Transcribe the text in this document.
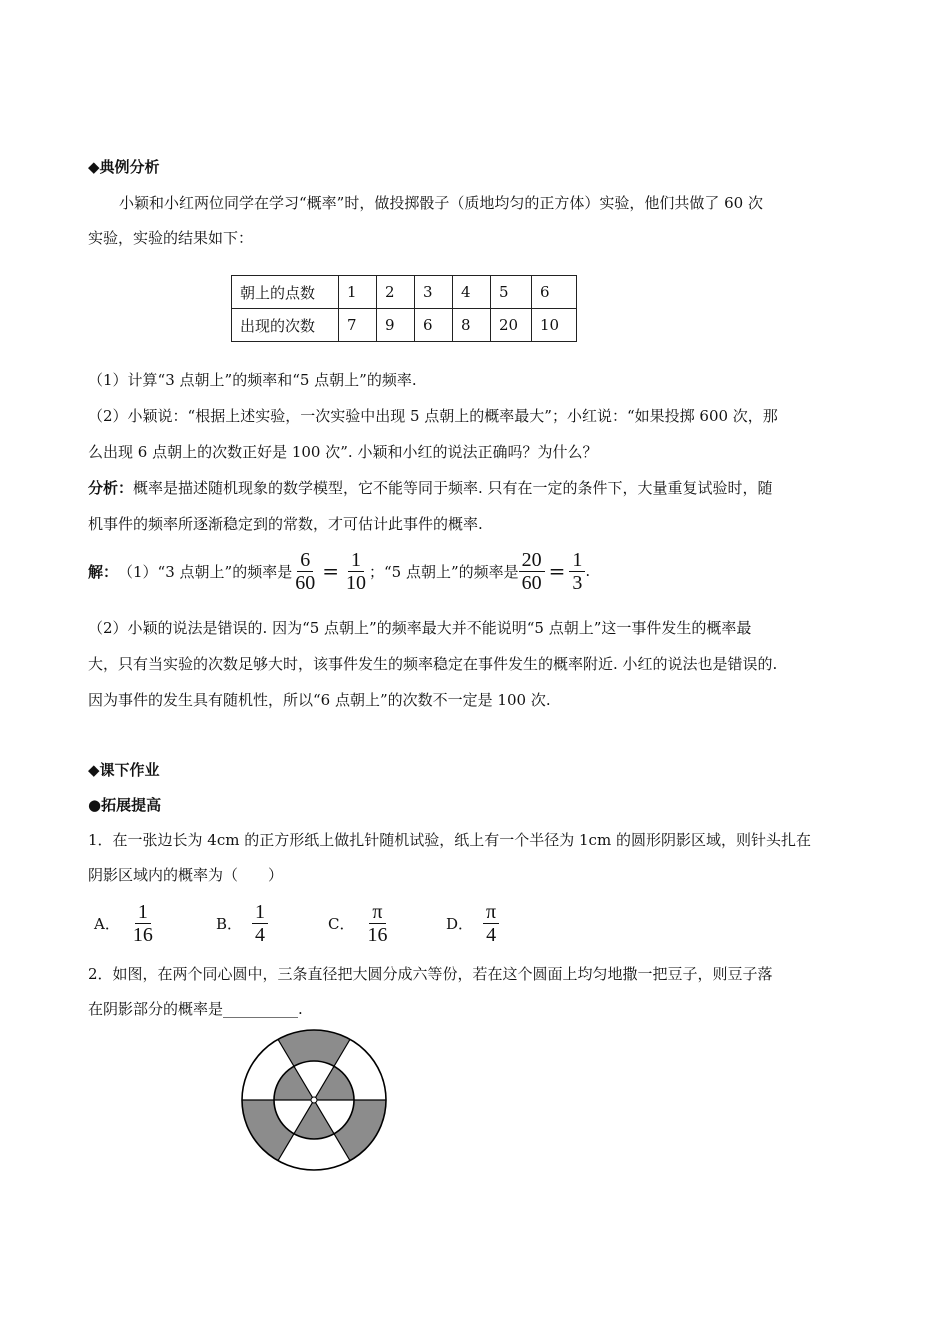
◆典例分析
小颖和小红两位同学在学习“概率”时，做投掷骰子（质地均匀的正方体）实验，他们共做了 60 次
实验，实验的结果如下：
朝上的点数	1	2	3	4	5	6
出现的次数	7	9	6	8	20	10
（1）计算“3 点朝上”的频率和“5 点朝上”的频率.
（2）小颖说：“根据上述实验，一次实验中出现 5 点朝上的概率最大”；小红说：“如果投掷 600 次，那
么出现 6 点朝上的次数正好是 100 次”. 小颖和小红的说法正确吗？为什么？
分析：概率是描述随机现象的数学模型，它不能等同于频率. 只有在一定的条件下，大量重复试验时，随
机事件的频率所逐渐稳定到的常数，才可估计此事件的概率.
解： （1）“3 点朝上”的频率是 $\frac{6}{60} = \frac{1}{10}$ ；“5 点朝上”的频率是 $\frac{20}{60} = \frac{1}{3}$ .
（2）小颖的说法是错误的. 因为“5 点朝上”的频率最大并不能说明“5 点朝上”这一事件发生的概率最
大，只有当实验的次数足够大时，该事件发生的频率稳定在事件发生的概率附近. 小红的说法也是错误的.
因为事件的发生具有随机性，所以“6 点朝上”的次数不一定是 100 次.
◆课下作业
●拓展提高
1．在一张边长为 4cm 的正方形纸上做扎针随机试验，纸上有一个半径为 1cm 的圆形阴影区域，则针头扎在
阴影区域内的概率为（　　）
A． $\frac{1}{16}$	B． $\frac{1}{4}$	C． $\frac{\pi}{16}$	D． $\frac{\pi}{4}$
2．如图，在两个同心圆中，三条直径把大圆分成六等份，若在这个圆面上均匀地撒一把豆子，则豆子落
在阴影部分的概率是__________.
